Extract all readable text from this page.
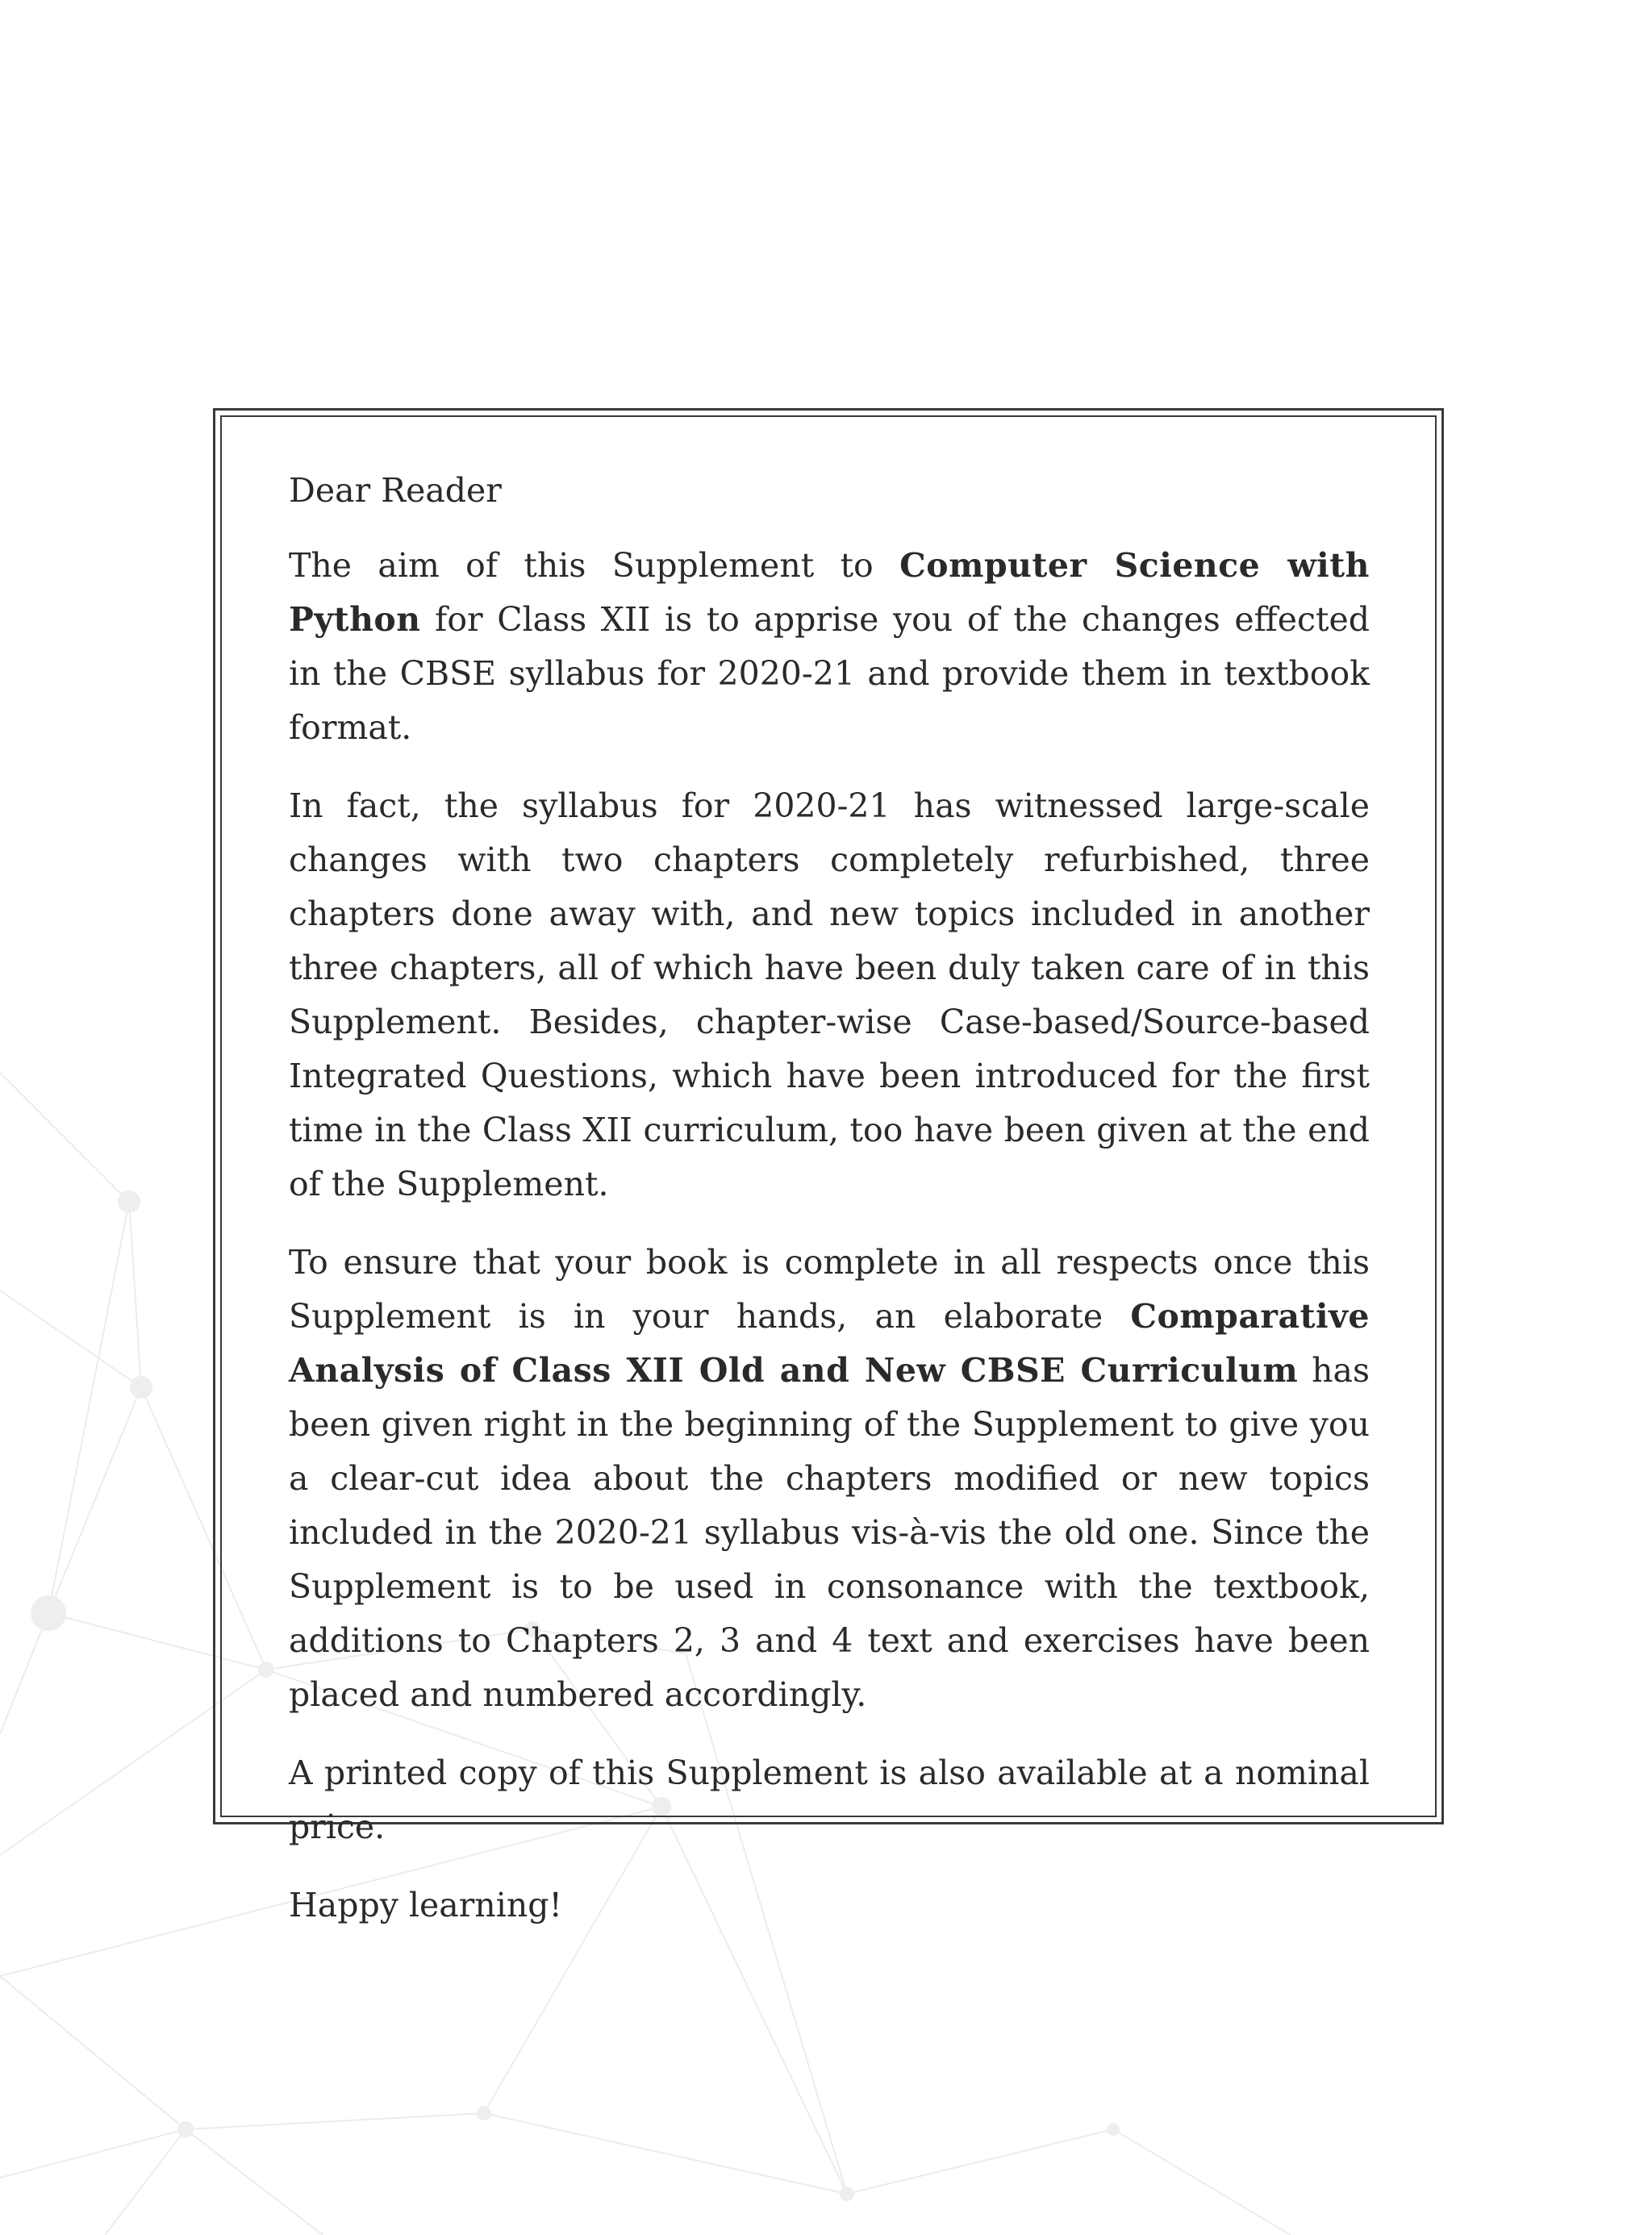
Dear Reader

The aim of this Supplement to Computer Science with Python for Class XII is to apprise you of the changes effected in the CBSE syllabus for 2020-21 and provide them in textbook format.

In fact, the syllabus for 2020-21 has witnessed large-scale changes with two chapters completely refurbished, three chapters done away with, and new topics included in another three chapters, all of which have been duly taken care of in this Supplement. Besides, chapter-wise Case-based/Source-based Integrated Questions, which have been introduced for the first time in the Class XII curriculum, too have been given at the end of the Supplement.

To ensure that your book is complete in all respects once this Supplement is in your hands, an elaborate Comparative Analysis of Class XII Old and New CBSE Curriculum has been given right in the beginning of the Supplement to give you a clear-cut idea about the chapters modified or new topics included in the 2020-21 syllabus vis-à-vis the old one. Since the Supplement is to be used in consonance with the textbook, additions to Chapters 2, 3 and 4 text and exercises have been placed and numbered accordingly.

A printed copy of this Supplement is also available at a nominal price.

Happy learning!
